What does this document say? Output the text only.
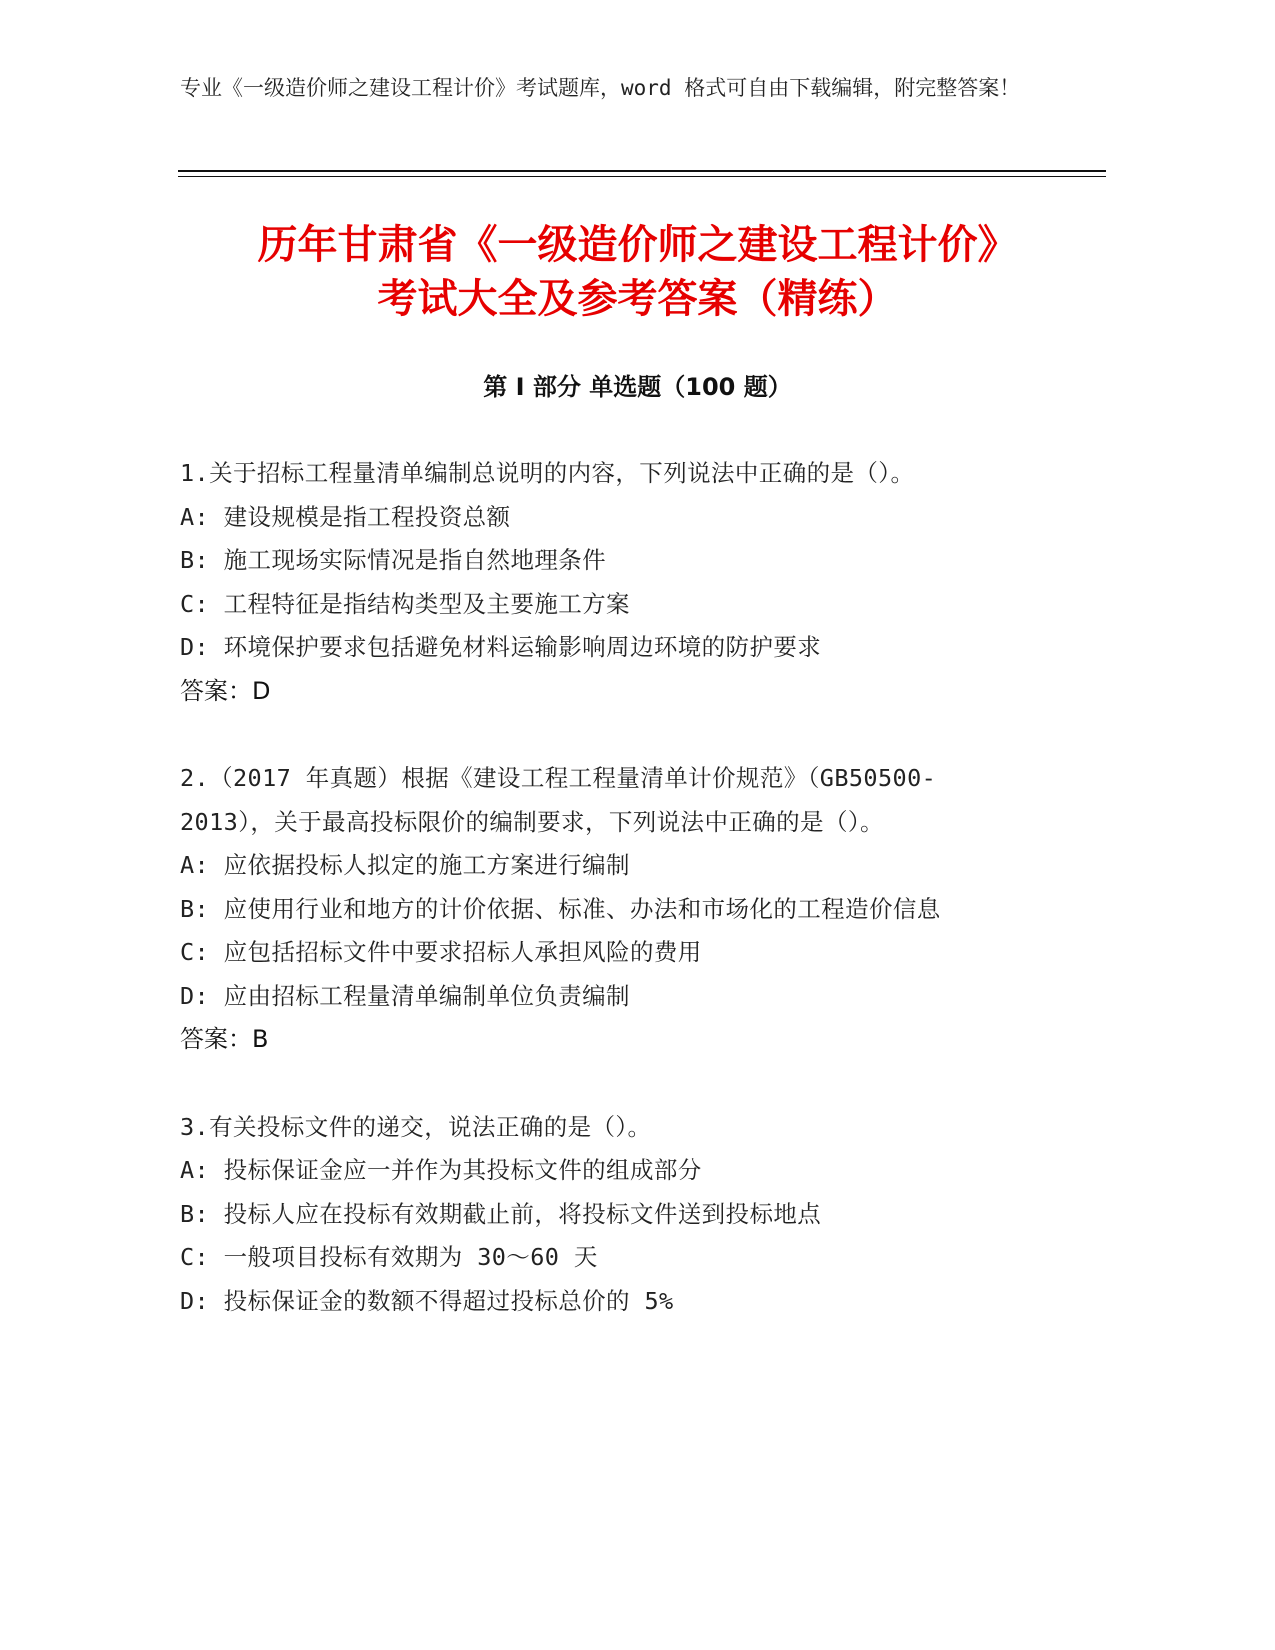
专业《一级造价师之建设工程计价》考试题库，word 格式可自由下载编辑，附完整答案！
历年甘肃省《一级造价师之建设工程计价》
考试大全及参考答案（精练）
第 I 部分 单选题（100 题）
1.关于招标工程量清单编制总说明的内容，下列说法中正确的是（）。
A: 建设规模是指工程投资总额
B: 施工现场实际情况是指自然地理条件
C: 工程特征是指结构类型及主要施工方案
D: 环境保护要求包括避免材料运输影响周边环境的防护要求
答案：D
2.（2017 年真题）根据《建设工程工程量清单计价规范》（GB50500-2013），关于最高投标限价的编制要求，下列说法中正确的是（）。
A: 应依据投标人拟定的施工方案进行编制
B: 应使用行业和地方的计价依据、标准、办法和市场化的工程造价信息
C: 应包括招标文件中要求招标人承担风险的费用
D: 应由招标工程量清单编制单位负责编制
答案：B
3.有关投标文件的递交，说法正确的是（）。
A: 投标保证金应一并作为其投标文件的组成部分
B: 投标人应在投标有效期截止前，将投标文件送到投标地点
C: 一般项目投标有效期为 30～60 天
D: 投标保证金的数额不得超过投标总价的 5%
